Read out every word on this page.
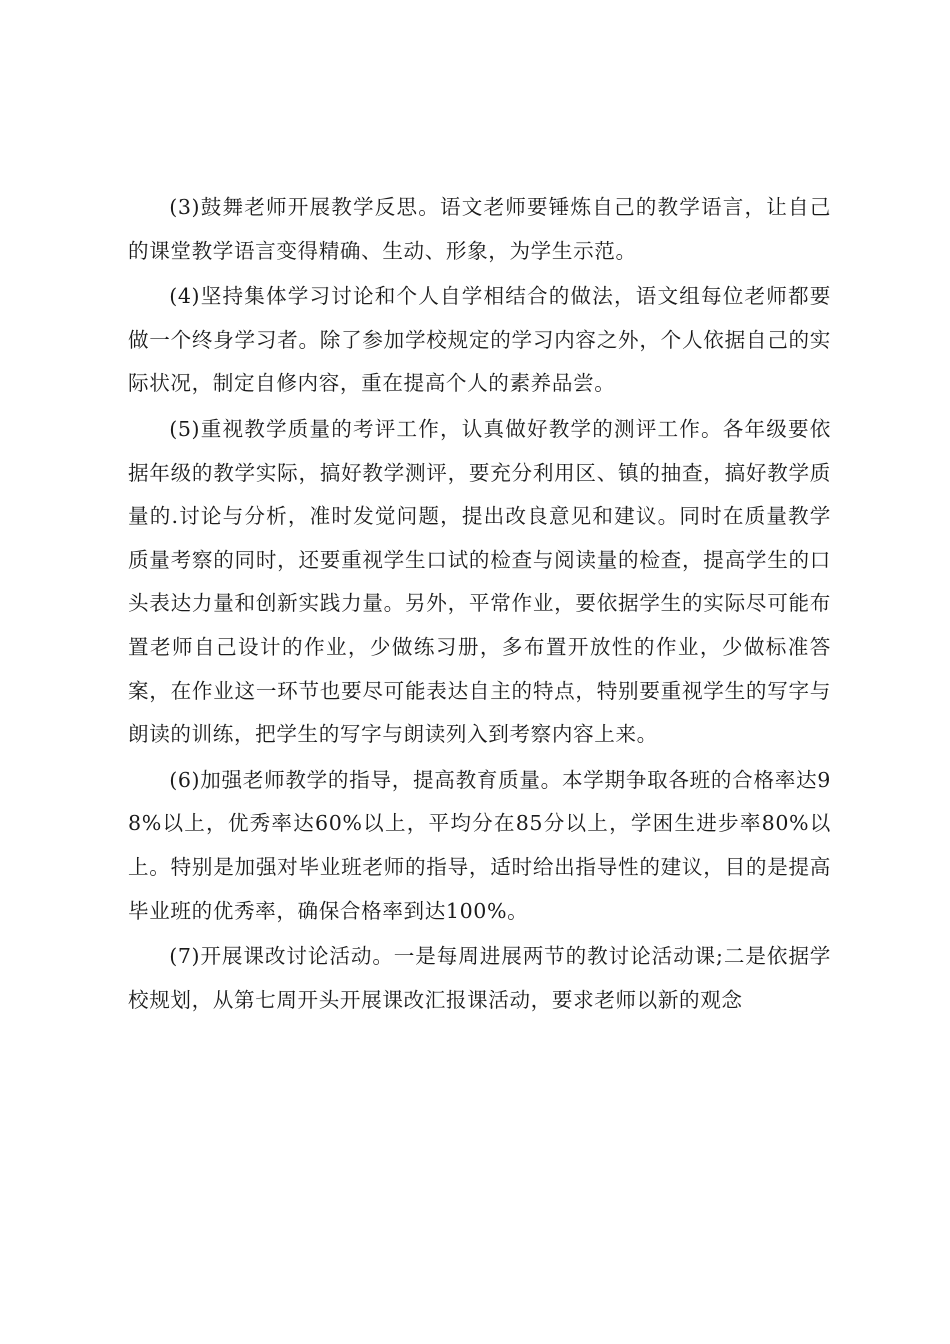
(3)鼓舞老师开展教学反思。语文老师要锤炼自己的教学语言，让自己的课堂教学语言变得精确、生动、形象，为学生示范。

(4)坚持集体学习讨论和个人自学相结合的做法，语文组每位老师都要做一个终身学习者。除了参加学校规定的学习内容之外，个人依据自己的实际状况，制定自修内容，重在提高个人的素养品尝。

(5)重视教学质量的考评工作，认真做好教学的测评工作。各年级要依据年级的教学实际，搞好教学测评，要充分利用区、镇的抽查，搞好教学质量的.讨论与分析，准时发觉问题，提出改良意见和建议。同时在质量教学质量考察的同时，还要重视学生口试的检查与阅读量的检查，提高学生的口头表达力量和创新实践力量。另外，平常作业，要依据学生的实际尽可能布置老师自己设计的作业，少做练习册，多布置开放性的作业，少做标准答案，在作业这一环节也要尽可能表达自主的特点，特别要重视学生的写字与朗读的训练，把学生的写字与朗读列入到考察内容上来。

(6)加强老师教学的指导，提高教育质量。本学期争取各班的合格率达98%以上，优秀率达60%以上，平均分在85分以上，学困生进步率80%以上。特别是加强对毕业班老师的指导，适时给出指导性的建议，目的是提高毕业班的优秀率，确保合格率到达100%。

(7)开展课改讨论活动。一是每周进展两节的教讨论活动课;二是依据学校规划，从第七周开头开展课改汇报课活动，要求老师以新的观念
